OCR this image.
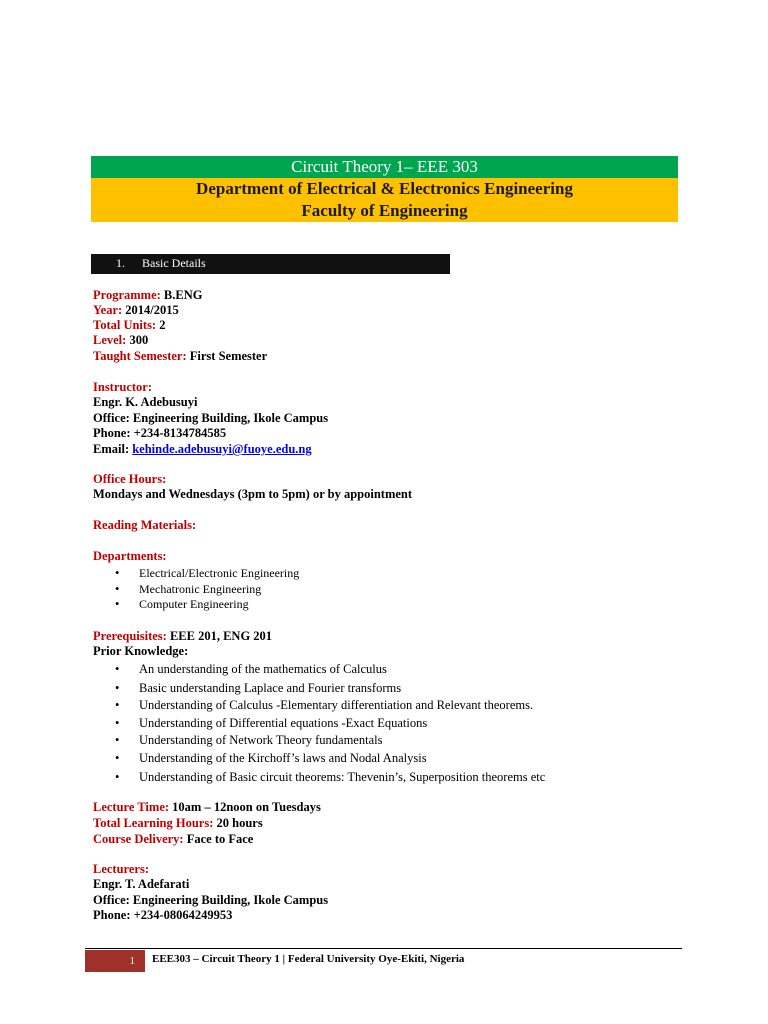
Circuit Theory 1– EEE 303
Department of Electrical & Electronics Engineering
Faculty of Engineering
1. Basic Details
Programme: B.ENG
Year: 2014/2015
Total Units: 2
Level: 300
Taught Semester: First Semester
Instructor:
Engr. K. Adebusuyi
Office: Engineering Building, Ikole Campus
Phone: +234-8134784585
Email: kehinde.adebusuyi@fuoye.edu.ng
Office Hours:
Mondays and Wednesdays (3pm to 5pm) or by appointment
Reading Materials:
Departments:
• Electrical/Electronic Engineering
• Mechatronic Engineering
• Computer Engineering
Prerequisites: EEE 201, ENG 201
Prior Knowledge:
• An understanding of the mathematics of Calculus
• Basic understanding Laplace and Fourier transforms
• Understanding of Calculus -Elementary differentiation and Relevant theorems.
• Understanding of Differential equations -Exact Equations
• Understanding of Network Theory fundamentals
• Understanding of the Kirchoff’s laws and Nodal Analysis
• Understanding of Basic circuit theorems: Thevenin’s, Superposition theorems etc
Lecture Time: 10am – 12noon on Tuesdays
Total Learning Hours: 20 hours
Course Delivery: Face to Face
Lecturers:
Engr. T. Adefarati
Office: Engineering Building, Ikole Campus
Phone: +234-08064249953
1	EEE303 – Circuit Theory 1 | Federal University Oye-Ekiti, Nigeria
